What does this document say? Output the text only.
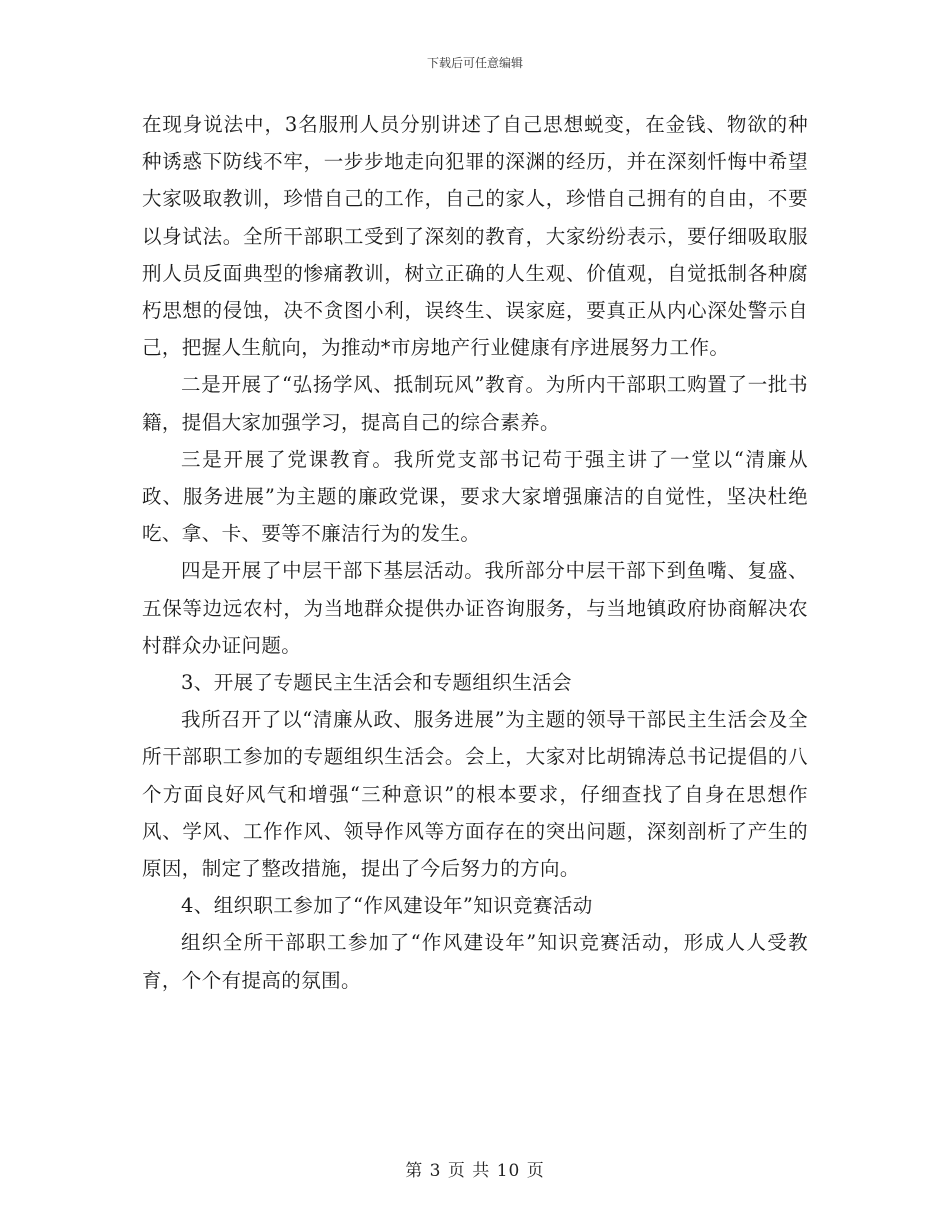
下载后可任意编辑

在现身说法中，3名服刑人员分别讲述了自己思想蜕变，在金钱、物欲的种种诱惑下防线不牢，一步步地走向犯罪的深渊的经历，并在深刻忏悔中希望大家吸取教训，珍惜自己的工作，自己的家人，珍惜自己拥有的自由，不要以身试法。全所干部职工受到了深刻的教育，大家纷纷表示，要仔细吸取服刑人员反面典型的惨痛教训，树立正确的人生观、价值观，自觉抵制各种腐朽思想的侵蚀，决不贪图小利，误终生、误家庭，要真正从内心深处警示自己，把握人生航向，为推动*市房地产行业健康有序进展努力工作。

二是开展了“弘扬学风、抵制玩风”教育。为所内干部职工购置了一批书籍，提倡大家加强学习，提高自己的综合素养。

三是开展了党课教育。我所党支部书记苟于强主讲了一堂以“清廉从政、服务进展”为主题的廉政党课，要求大家增强廉洁的自觉性，坚决杜绝吃、拿、卡、要等不廉洁行为的发生。

四是开展了中层干部下基层活动。我所部分中层干部下到鱼嘴、复盛、五保等边远农村，为当地群众提供办证咨询服务，与当地镇政府协商解决农村群众办证问题。

3、开展了专题民主生活会和专题组织生活会

我所召开了以“清廉从政、服务进展”为主题的领导干部民主生活会及全所干部职工参加的专题组织生活会。会上，大家对比胡锦涛总书记提倡的八个方面良好风气和增强“三种意识”的根本要求，仔细查找了自身在思想作风、学风、工作作风、领导作风等方面存在的突出问题，深刻剖析了产生的原因，制定了整改措施，提出了今后努力的方向。

4、组织职工参加了“作风建设年”知识竞赛活动

组织全所干部职工参加了“作风建设年”知识竞赛活动，形成人人受教育，个个有提高的氛围。

第 3 页 共 10 页
